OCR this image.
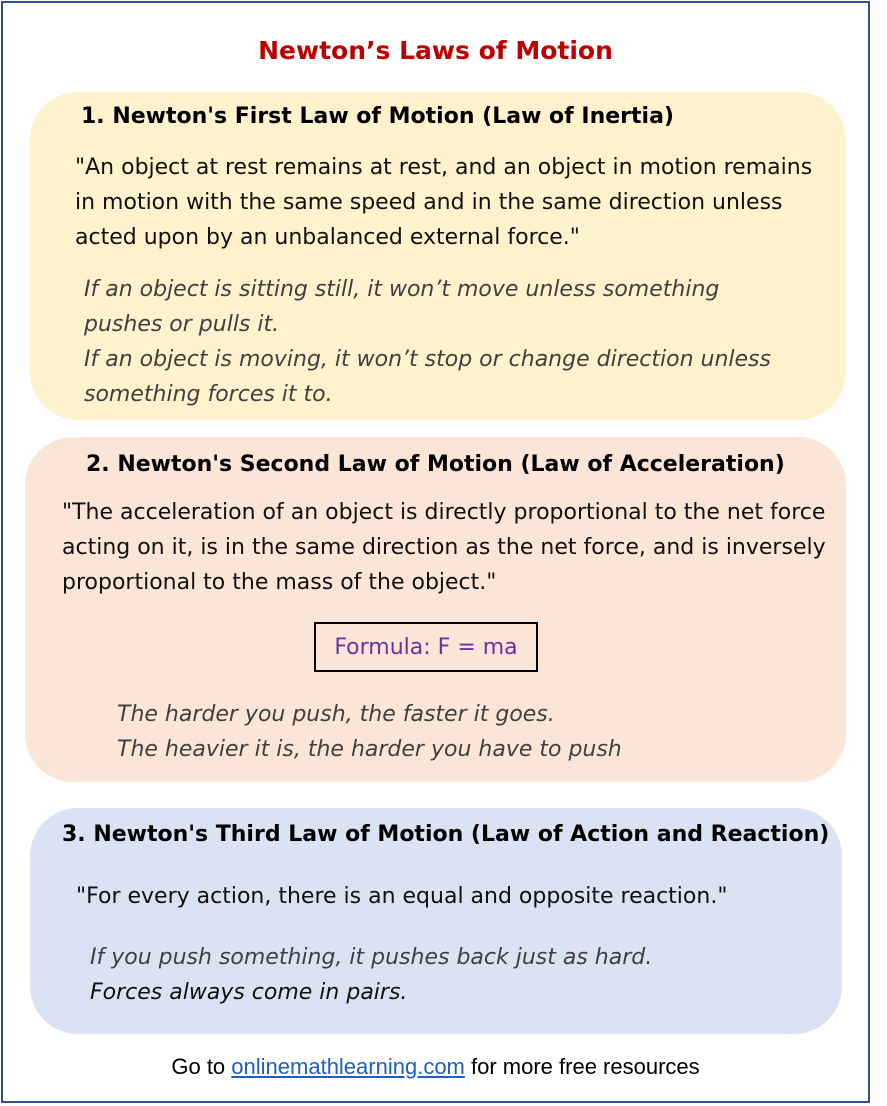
Newton’s Laws of Motion
1. Newton's First Law of Motion (Law of Inertia)

"An object at rest remains at rest, and an object in motion remains in motion with the same speed and in the same direction unless acted upon by an unbalanced external force."

If an object is sitting still, it won’t move unless something
pushes or pulls it.
If an object is moving, it won’t stop or change direction unless
something forces it to.
2. Newton's Second Law of Motion (Law of Acceleration)

"The acceleration of an object is directly proportional to the net force acting on it, is in the same direction as the net force, and is inversely proportional to the mass of the object."

Formula: F = ma
The harder you push, the faster it goes.
The heavier it is, the harder you have to push
3. Newton's Third Law of Motion (Law of Action and Reaction)

"For every action, there is an equal and opposite reaction."

If you push something, it pushes back just as hard.
Forces always come in pairs.
Go to onlinemathlearning.com for more free resources
